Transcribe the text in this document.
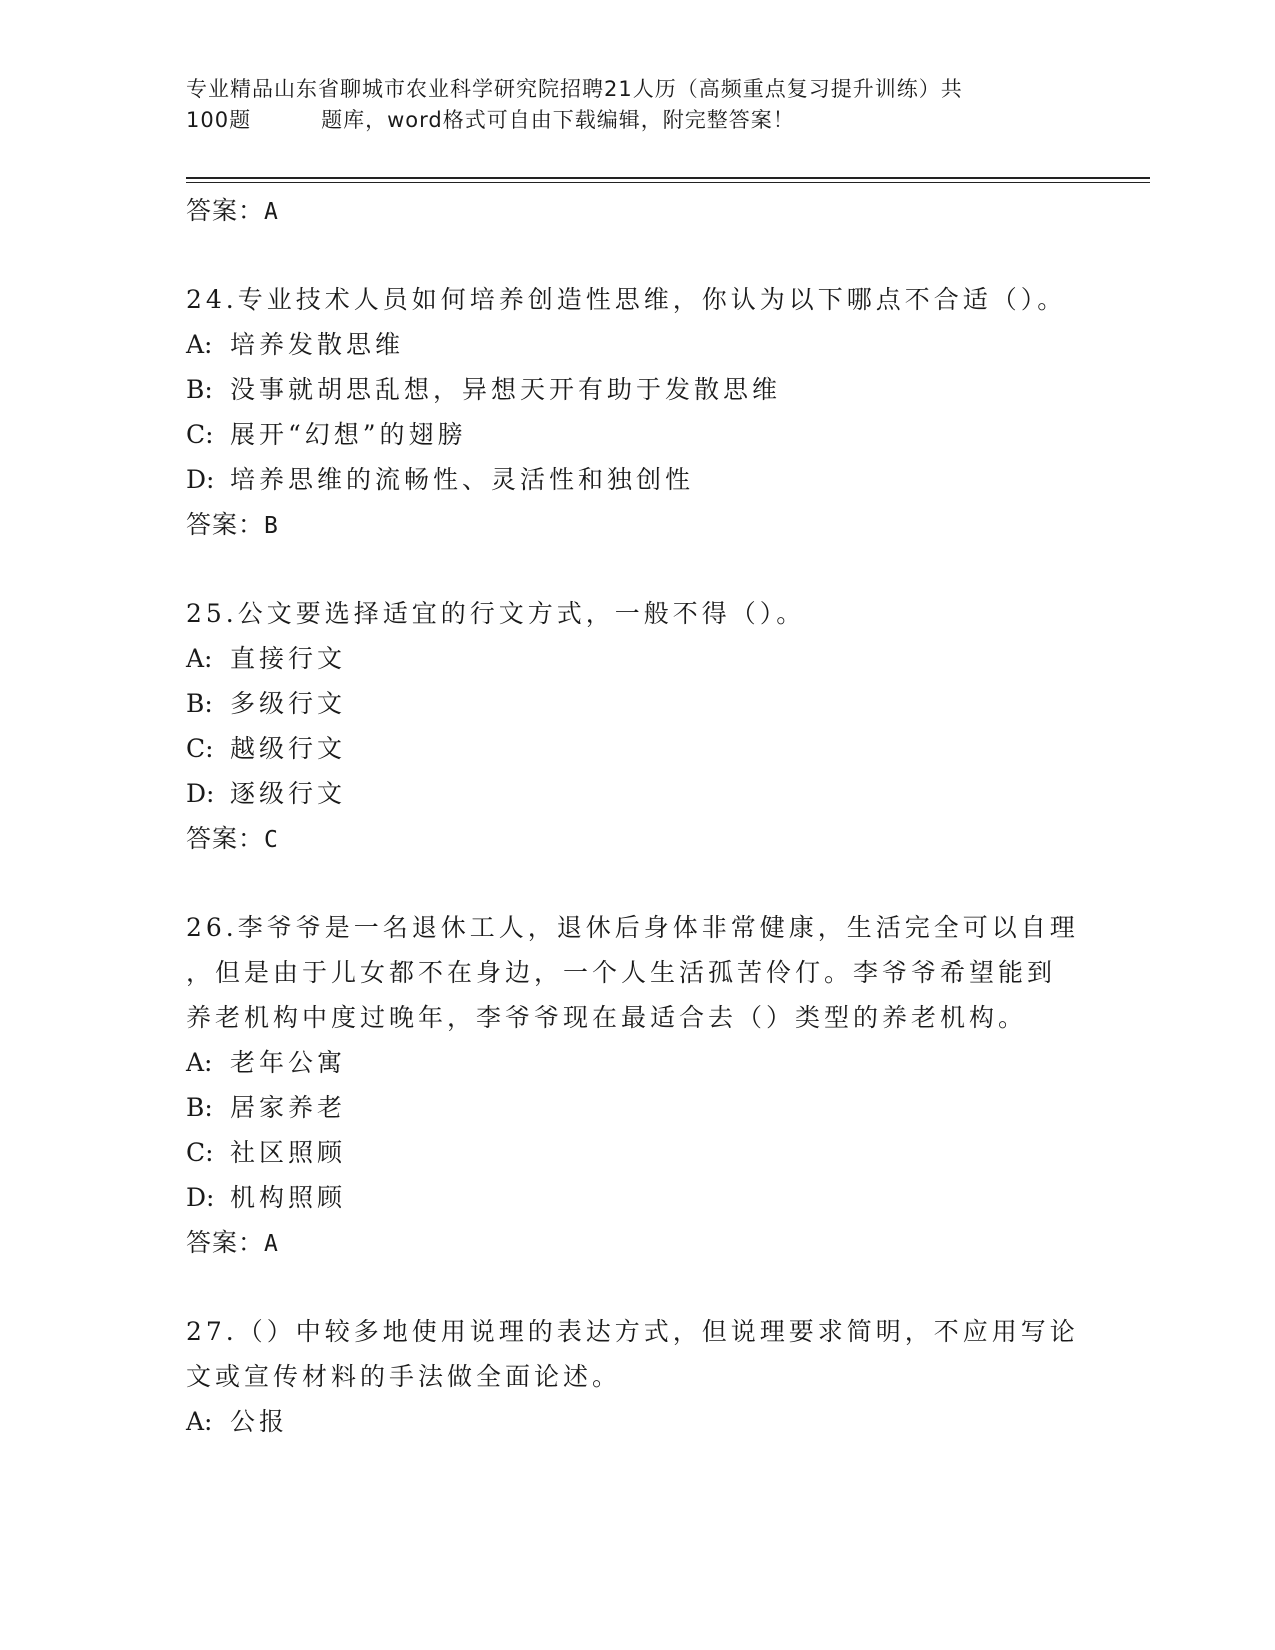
专业精品山东省聊城市农业科学研究院招聘21人历（高频重点复习提升训练）共
100题	题库，word格式可自由下载编辑，附完整答案！
答案：A
24.专业技术人员如何培养创造性思维，你认为以下哪点不合适（）。
A: 培养发散思维
B: 没事就胡思乱想，异想天开有助于发散思维
C: 展开“幻想”的翅膀
D: 培养思维的流畅性、灵活性和独创性
答案：B
25.公文要选择适宜的行文方式，一般不得（）。
A: 直接行文
B: 多级行文
C: 越级行文
D: 逐级行文
答案：C
26.李爷爷是一名退休工人，退休后身体非常健康，生活完全可以自理
，但是由于儿女都不在身边，一个人生活孤苦伶仃。李爷爷希望能到
养老机构中度过晚年，李爷爷现在最适合去（）类型的养老机构。
A: 老年公寓
B: 居家养老
C: 社区照顾
D: 机构照顾
答案：A
27.（）中较多地使用说理的表达方式，但说理要求简明，不应用写论
文或宣传材料的手法做全面论述。
A: 公报
